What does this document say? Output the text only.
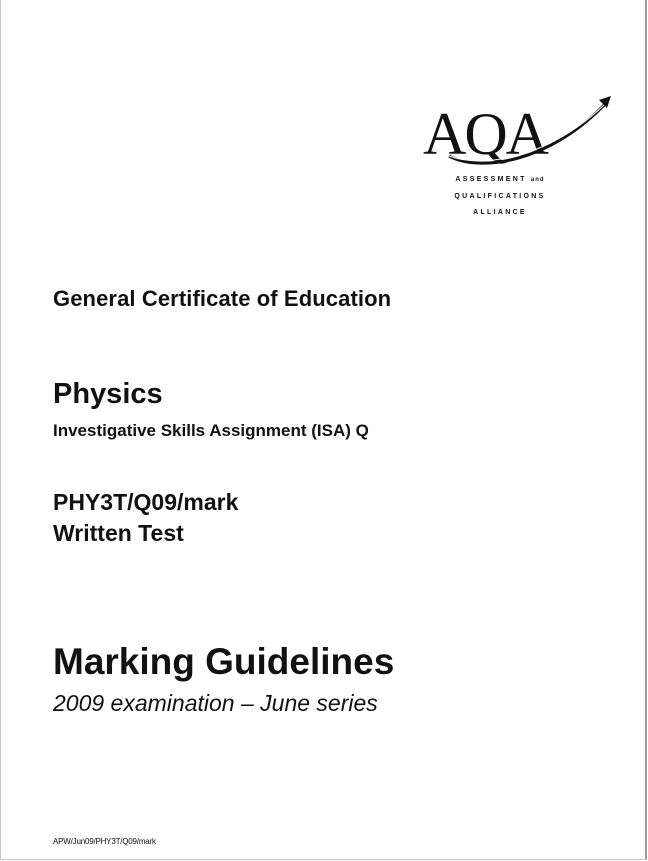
AQA
ASSESSMENT and
QUALIFICATIONS
ALLIANCE
General Certificate of Education
Physics
Investigative Skills Assignment (ISA) Q
PHY3T/Q09/mark
Written Test
Marking Guidelines
2009 examination – June series
APW/Jun09/PHY3T/Q09/mark
